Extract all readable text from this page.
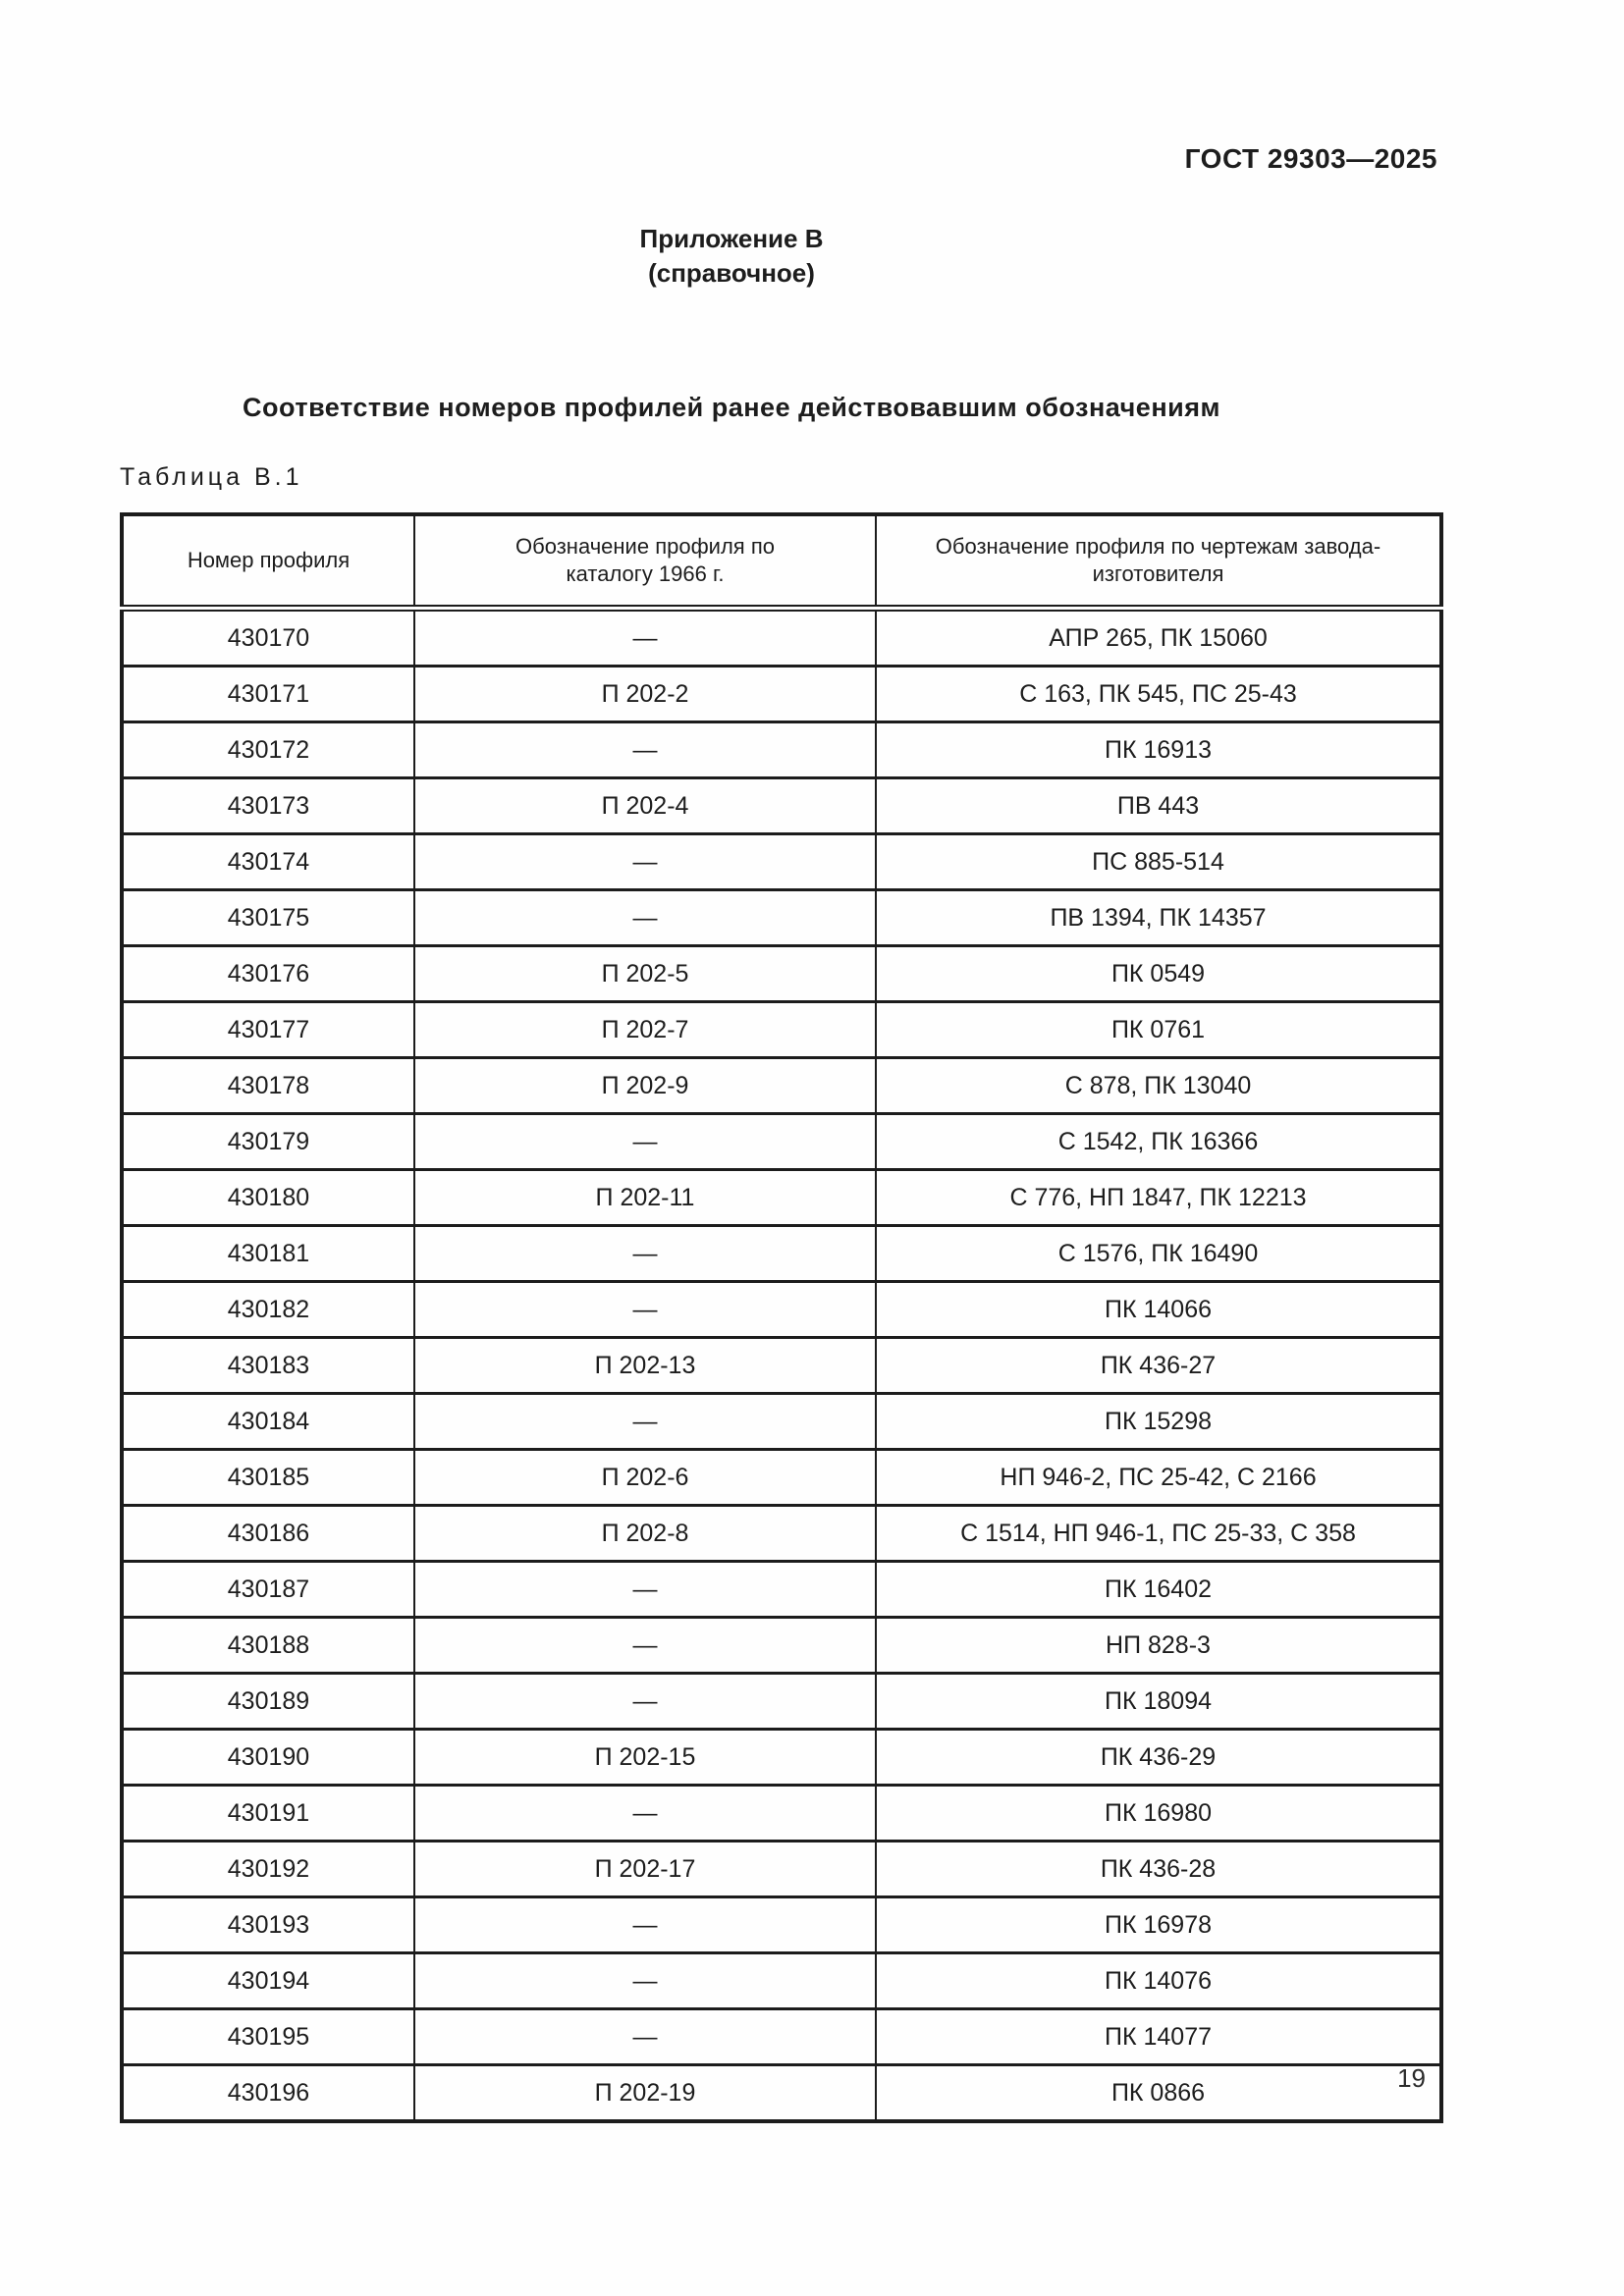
ГОСТ 29303—2025
Приложение В
(справочное)
Соответствие номеров профилей ранее действовавшим обозначениям
Таблица В.1
Номер профиля	Обозначение профиля по каталогу 1966 г.	Обозначение профиля по чертежам завода-изготовителя
430170	—	АПР 265, ПК 15060
430171	П 202-2	С 163, ПК 545, ПС 25-43
430172	—	ПК 16913
430173	П 202-4	ПВ 443
430174	—	ПС 885-514
430175	—	ПВ 1394, ПК 14357
430176	П 202-5	ПК 0549
430177	П 202-7	ПК 0761
430178	П 202-9	С 878, ПК 13040
430179	—	С 1542, ПК 16366
430180	П 202-11	С 776, НП 1847, ПК 12213
430181	—	С 1576, ПК 16490
430182	—	ПК 14066
430183	П 202-13	ПК 436-27
430184	—	ПК 15298
430185	П 202-6	НП 946-2, ПС 25-42, С 2166
430186	П 202-8	С 1514, НП 946-1, ПС 25-33, С 358
430187	—	ПК 16402
430188	—	НП 828-3
430189	—	ПК 18094
430190	П 202-15	ПК 436-29
430191	—	ПК 16980
430192	П 202-17	ПК 436-28
430193	—	ПК 16978
430194	—	ПК 14076
430195	—	ПК 14077
430196	П 202-19	ПК 0866	19
